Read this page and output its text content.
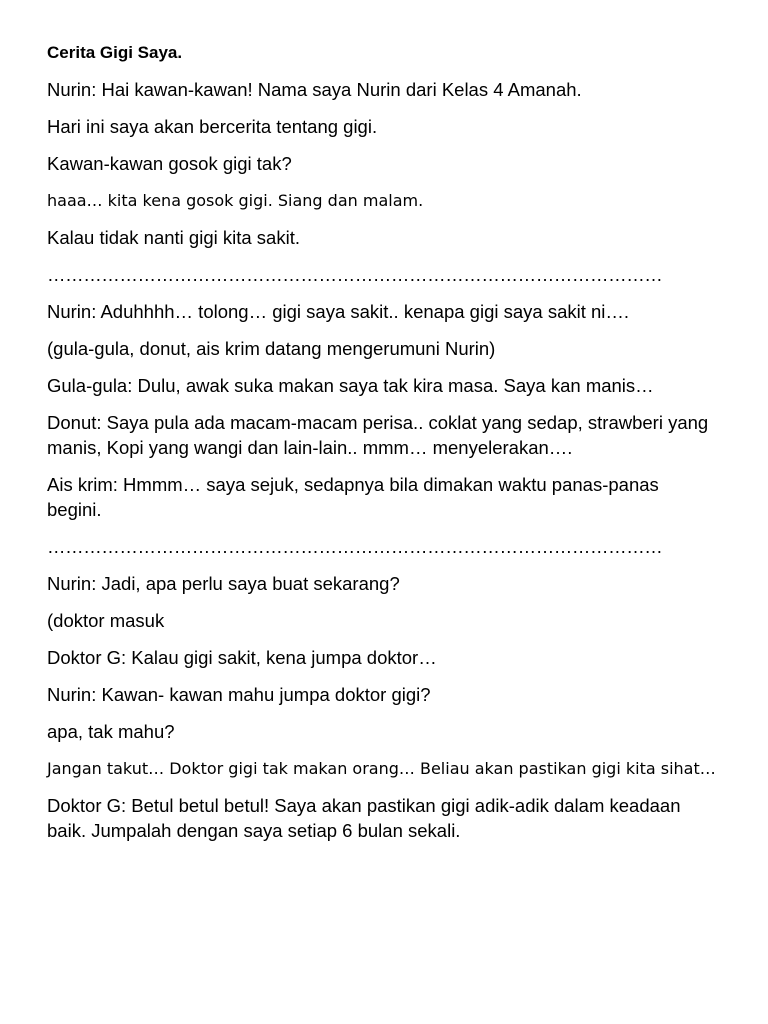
Cerita Gigi Saya.

Nurin: Hai kawan-kawan! Nama saya Nurin dari Kelas 4 Amanah.

Hari ini saya akan bercerita tentang gigi.

Kawan-kawan gosok gigi tak?

haaa… kita kena gosok gigi. Siang dan malam.

Kalau tidak nanti gigi kita sakit.

…………………………………………………………………………………………

Nurin: Aduhhhh… tolong… gigi saya sakit.. kenapa gigi saya sakit ni….

(gula-gula, donut, ais krim datang mengerumuni Nurin)

Gula-gula: Dulu, awak suka makan saya tak kira masa. Saya kan manis…

Donut: Saya pula ada macam-macam perisa.. coklat yang sedap, strawberi yang manis, Kopi yang wangi dan lain-lain.. mmm… menyelerakan….

Ais krim: Hmmm… saya sejuk, sedapnya bila dimakan waktu panas-panas begini.

…………………………………………………………………………………………

Nurin: Jadi, apa perlu saya buat sekarang?

(doktor masuk

Doktor G: Kalau gigi sakit, kena jumpa doktor…

Nurin: Kawan- kawan mahu jumpa doktor gigi?

apa, tak mahu?

Jangan takut… Doktor gigi tak makan orang… Beliau akan pastikan gigi kita sihat…

Doktor G: Betul betul betul! Saya akan pastikan gigi adik-adik dalam keadaan baik. Jumpalah dengan saya setiap 6 bulan sekali.
